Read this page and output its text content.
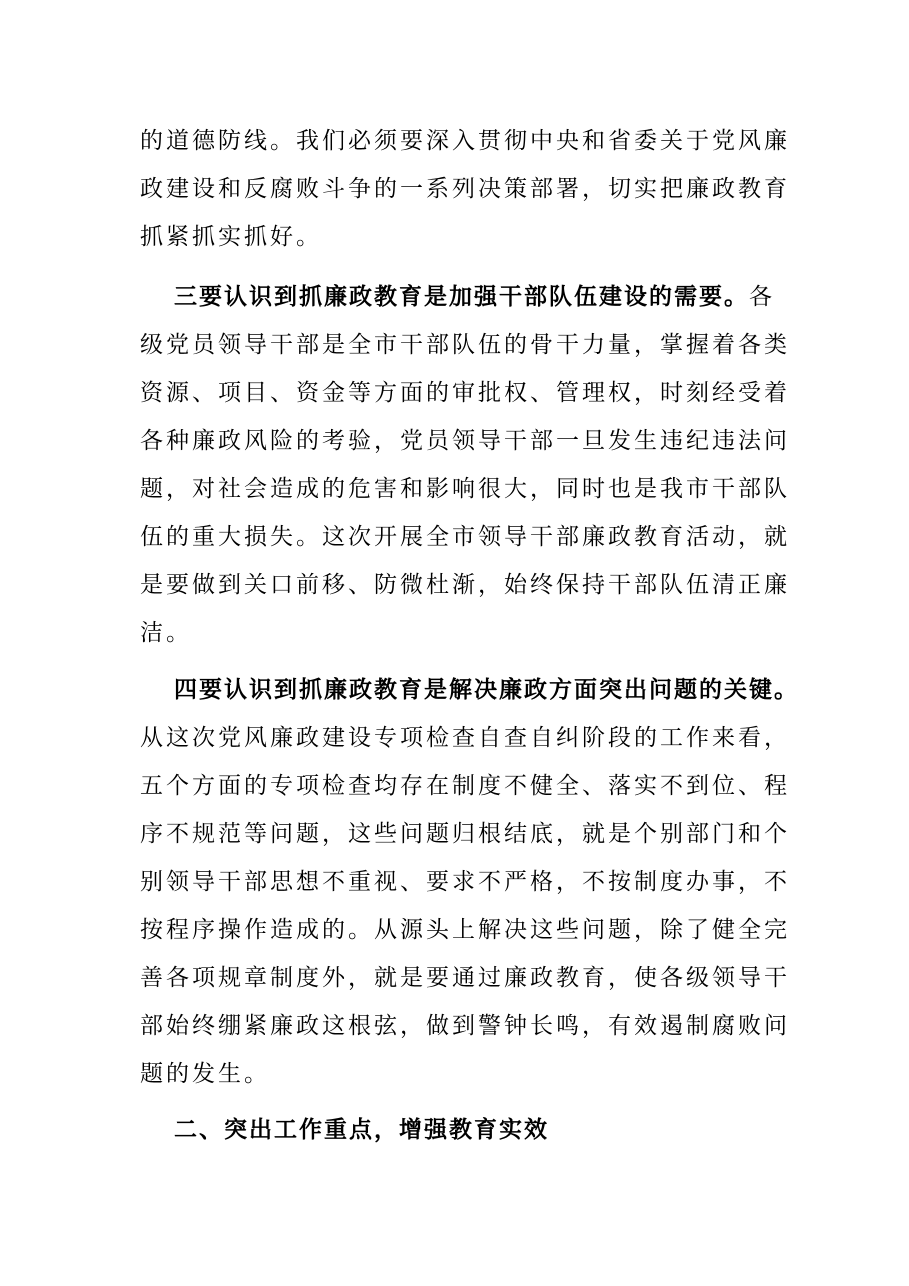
的道德防线。我们必须要深入贯彻中央和省委关于党风廉
政建设和反腐败斗争的一系列决策部署，切实把廉政教育
抓紧抓实抓好。
三要认识到抓廉政教育是加强干部队伍建设的需要。各
级党员领导干部是全市干部队伍的骨干力量，掌握着各类
资源、项目、资金等方面的审批权、管理权，时刻经受着
各种廉政风险的考验，党员领导干部一旦发生违纪违法问
题，对社会造成的危害和影响很大，同时也是我市干部队
伍的重大损失。这次开展全市领导干部廉政教育活动，就
是要做到关口前移、防微杜渐，始终保持干部队伍清正廉
洁。
四要认识到抓廉政教育是解决廉政方面突出问题的关键。
从这次党风廉政建设专项检查自查自纠阶段的工作来看，
五个方面的专项检查均存在制度不健全、落实不到位、程
序不规范等问题，这些问题归根结底，就是个别部门和个
别领导干部思想不重视、要求不严格，不按制度办事，不
按程序操作造成的。从源头上解决这些问题，除了健全完
善各项规章制度外，就是要通过廉政教育，使各级领导干
部始终绷紧廉政这根弦，做到警钟长鸣，有效遏制腐败问
题的发生。
二、突出工作重点，增强教育实效
